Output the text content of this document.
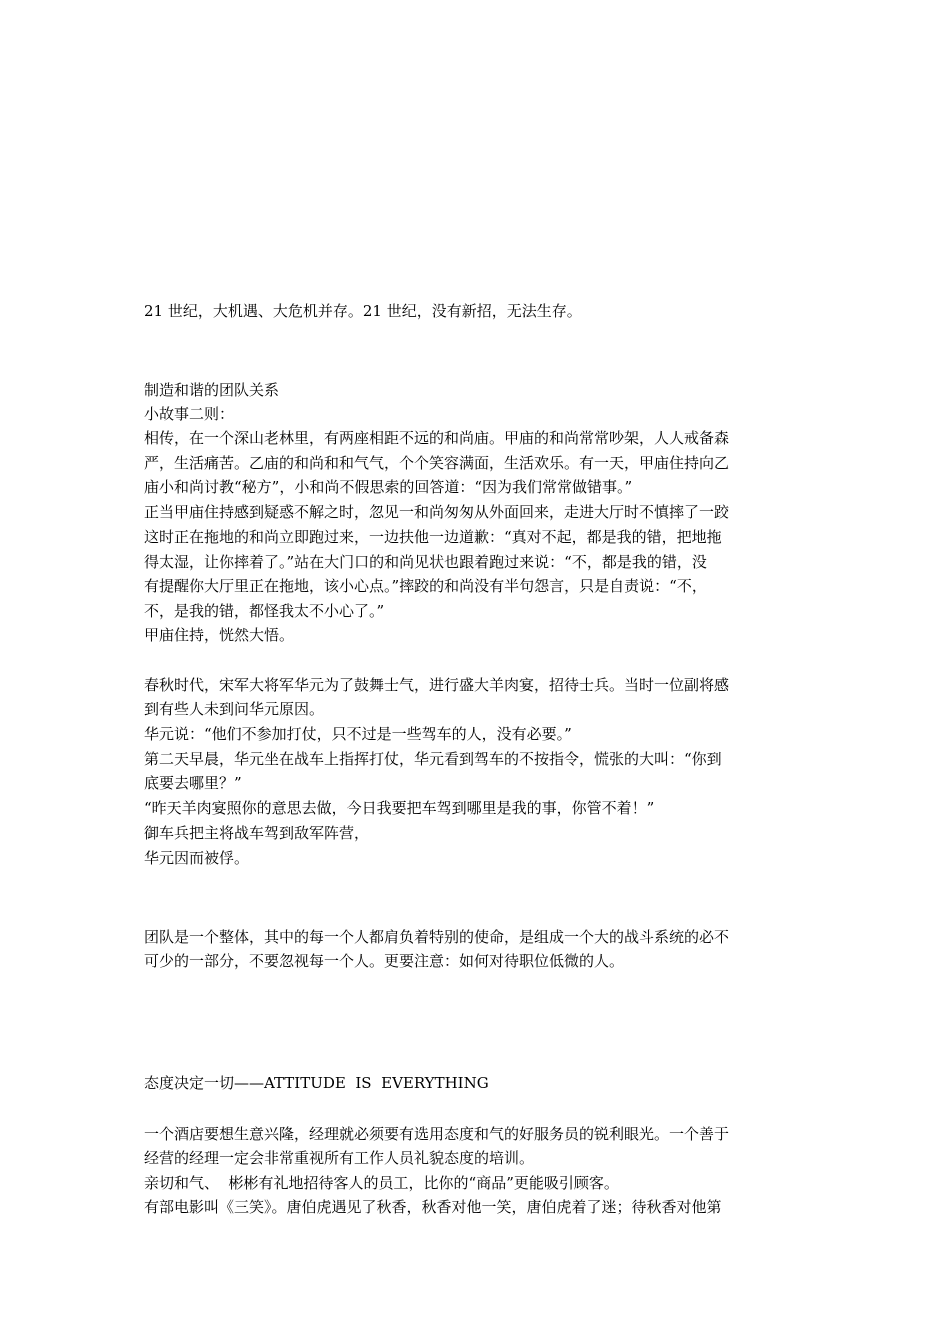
21 世纪，大机遇、大危机并存。21 世纪，没有新招，无法生存。
制造和谐的团队关系
小故事二则：
相传，在一个深山老林里，有两座相距不远的和尚庙。甲庙的和尚常常吵架，人人戒备森
严，生活痛苦。乙庙的和尚和和气气，个个笑容满面，生活欢乐。有一天，甲庙住持向乙
庙小和尚讨教“秘方”，小和尚不假思索的回答道：“因为我们常常做错事。”
正当甲庙住持感到疑惑不解之时，忽见一和尚匆匆从外面回来，走进大厅时不慎摔了一跤
这时正在拖地的和尚立即跑过来，一边扶他一边道歉：“真对不起，都是我的错，把地拖
得太湿，让你摔着了。”站在大门口的和尚见状也跟着跑过来说：“不，都是我的错，没
有提醒你大厅里正在拖地，该小心点。”摔跤的和尚没有半句怨言，只是自责说：“不，
不，是我的错，都怪我太不小心了。”
甲庙住持，恍然大悟。
春秋时代，宋军大将军华元为了鼓舞士气，进行盛大羊肉宴，招待士兵。当时一位副将感
到有些人未到问华元原因。
华元说：“他们不参加打仗，只不过是一些驾车的人，没有必要。”
第二天早晨，华元坐在战车上指挥打仗，华元看到驾车的不按指令，慌张的大叫：“你到
底要去哪里？”
“昨天羊肉宴照你的意思去做，今日我要把车驾到哪里是我的事，你管不着！”
御车兵把主将战车驾到敌军阵营，
华元因而被俘。
团队是一个整体，其中的每一个人都肩负着特别的使命，是组成一个大的战斗系统的必不
可少的一部分，不要忽视每一个人。更要注意：如何对待职位低微的人。
态度决定一切——ATTITUDE  IS  EVERYTHING
一个酒店要想生意兴隆，经理就必须要有选用态度和气的好服务员的锐利眼光。一个善于
经营的经理一定会非常重视所有工作人员礼貌态度的培训。
亲切和气、  彬彬有礼地招待客人的员工，比你的“商品”更能吸引顾客。
有部电影叫《三笑》。唐伯虎遇见了秋香，秋香对他一笑，唐伯虎着了迷；待秋香对他第
